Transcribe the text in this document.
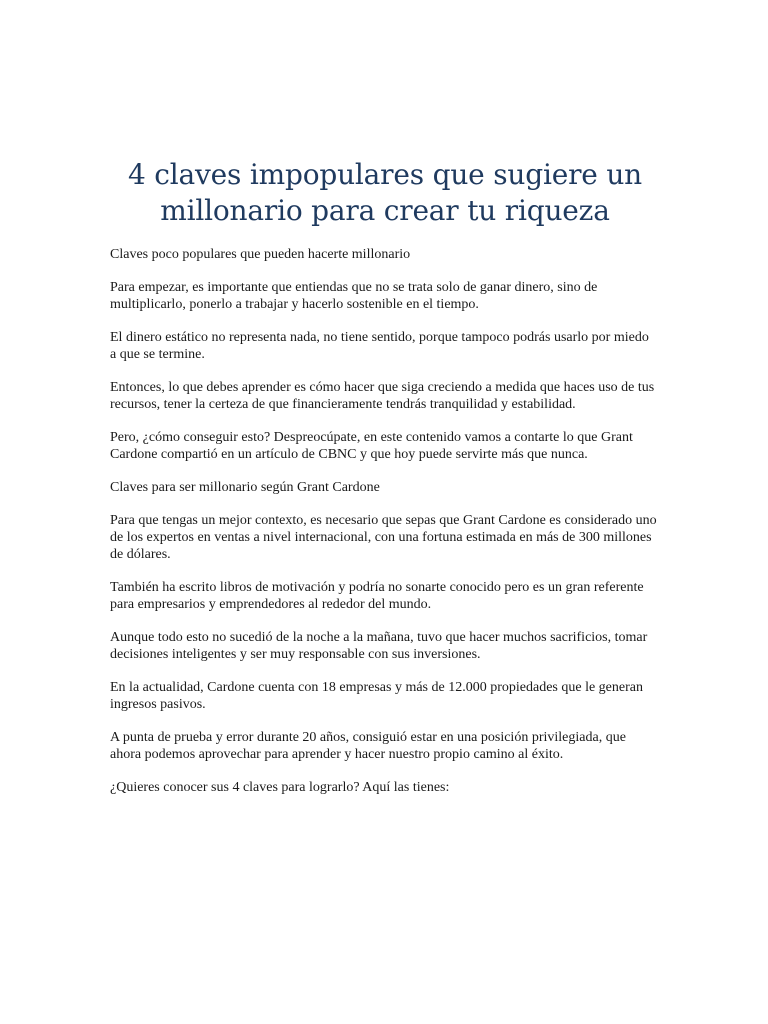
4 claves impopulares que sugiere un millonario para crear tu riqueza

Claves poco populares que pueden hacerte millonario

Para empezar, es importante que entiendas que no se trata solo de ganar dinero, sino de multiplicarlo, ponerlo a trabajar y hacerlo sostenible en el tiempo.

El dinero estático no representa nada, no tiene sentido, porque tampoco podrás usarlo por miedo a que se termine.

Entonces, lo que debes aprender es cómo hacer que siga creciendo a medida que haces uso de tus recursos, tener la certeza de que financieramente tendrás tranquilidad y estabilidad.

Pero, ¿cómo conseguir esto? Despreocúpate, en este contenido vamos a contarte lo que Grant Cardone compartió en un artículo de CBNC y que hoy puede servirte más que nunca.

Claves para ser millonario según Grant Cardone

Para que tengas un mejor contexto, es necesario que sepas que Grant Cardone es considerado uno de los expertos en ventas a nivel internacional, con una fortuna estimada en más de 300 millones de dólares.

También ha escrito libros de motivación y podría no sonarte conocido pero es un gran referente para empresarios y emprendedores al rededor del mundo.

Aunque todo esto no sucedió de la noche a la mañana, tuvo que hacer muchos sacrificios, tomar decisiones inteligentes y ser muy responsable con sus inversiones.

En la actualidad, Cardone cuenta con 18 empresas y más de 12.000 propiedades que le generan ingresos pasivos.

A punta de prueba y error durante 20 años, consiguió estar en una posición privilegiada, que ahora podemos aprovechar para aprender y hacer nuestro propio camino al éxito.

¿Quieres conocer sus 4 claves para lograrlo? Aquí las tienes:
